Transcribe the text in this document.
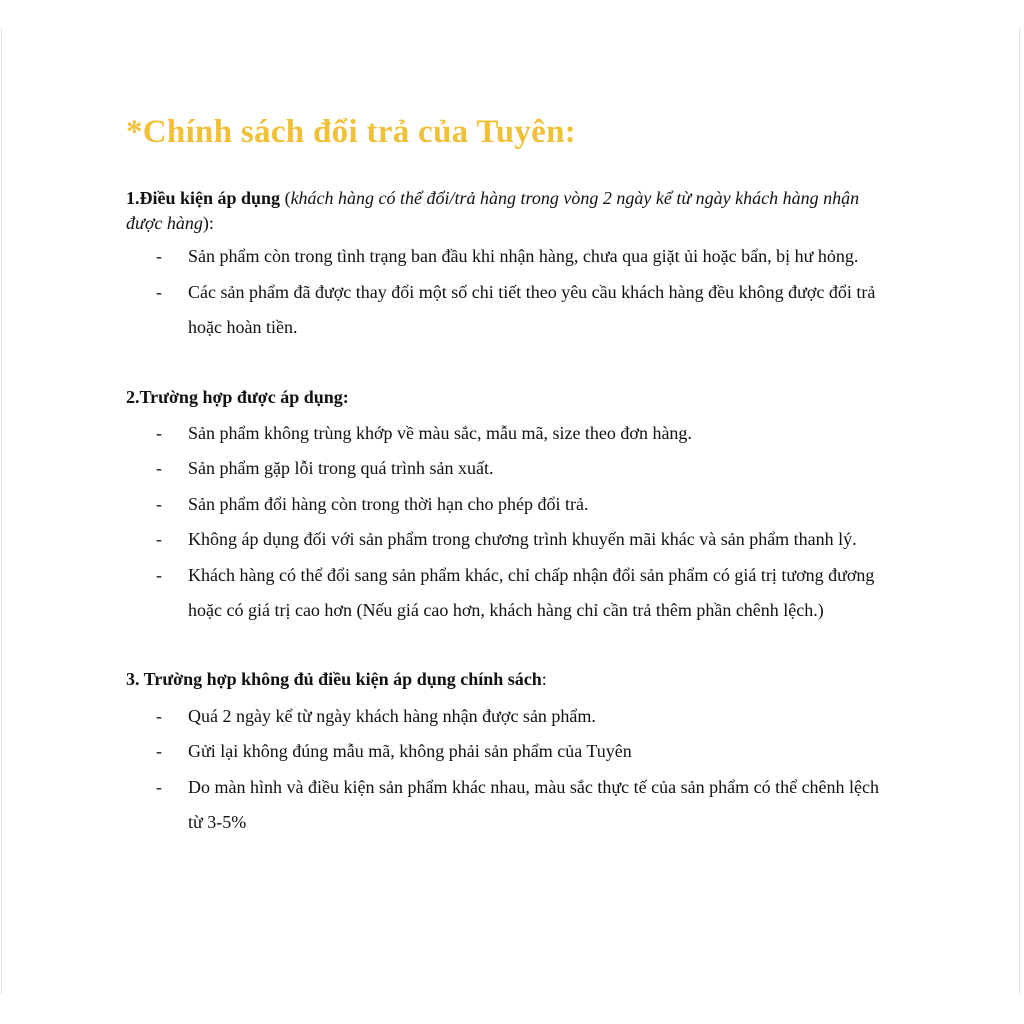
*Chính sách đổi trả của Tuyên:
1.Điều kiện áp dụng (khách hàng có thể đổi/trả hàng trong vòng 2 ngày kể từ ngày khách hàng nhận được hàng):
- Sản phẩm còn trong tình trạng ban đầu khi nhận hàng, chưa qua giặt ủi hoặc bẩn, bị hư hỏng.
- Các sản phẩm đã được thay đổi một số chi tiết theo yêu cầu khách hàng đều không được đổi trả hoặc hoàn tiền.
2.Trường hợp được áp dụng:
- Sản phẩm không trùng khớp về màu sắc, mẫu mã, size theo đơn hàng.
- Sản phẩm gặp lỗi trong quá trình sản xuất.
- Sản phẩm đổi hàng còn trong thời hạn cho phép đổi trả.
- Không áp dụng đối với sản phẩm trong chương trình khuyến mãi khác và sản phẩm thanh lý.
- Khách hàng có thể đổi sang sản phẩm khác, chỉ chấp nhận đổi sản phẩm có giá trị tương đương hoặc có giá trị cao hơn (Nếu giá cao hơn, khách hàng chỉ cần trả thêm phần chênh lệch.)
3. Trường hợp không đủ điều kiện áp dụng chính sách:
- Quá 2 ngày kể từ ngày khách hàng nhận được sản phẩm.
- Gửi lại không đúng mẫu mã, không phải sản phẩm của Tuyên
- Do màn hình và điều kiện sản phẩm khác nhau, màu sắc thực tế của sản phẩm có thể chênh lệch từ 3-5%
